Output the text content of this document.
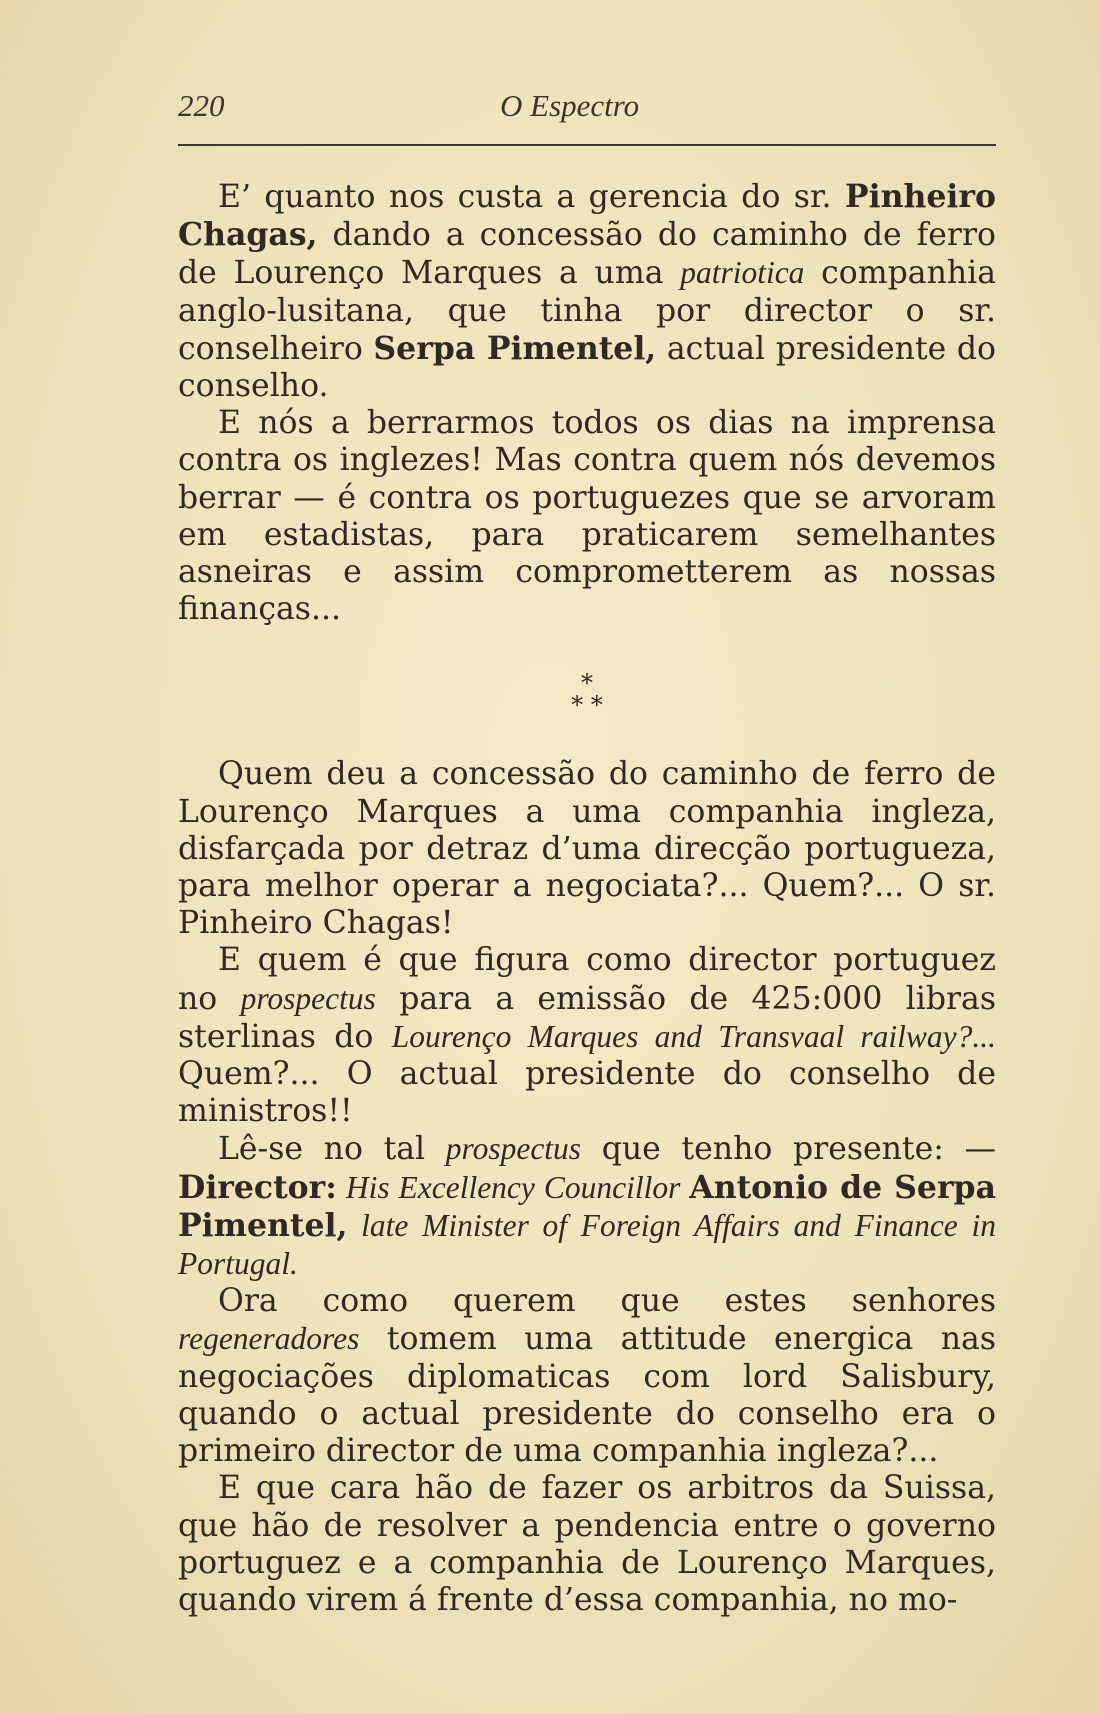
220	O Espectro

E’ quanto nos custa a gerencia do sr. Pinheiro Chagas, dando a concessão do caminho de ferro de Lourenço Marques a uma patriotica companhia anglo-lusitana, que tinha por director o sr. conselheiro Serpa Pimentel, actual presidente do conselho.

E nós a berrarmos todos os dias na imprensa contra os inglezes! Mas contra quem nós devemos berrar — é contra os portuguezes que se arvoram em estadistas, para praticarem semelhantes asneiras e assim comprometterem as nossas finanças...

*
* *

Quem deu a concessão do caminho de ferro de Lourenço Marques a uma companhia ingleza, disfarçada por detraz d’uma direcção portugueza, para melhor operar a negociata?... Quem?... O sr. Pinheiro Chagas!

E quem é que figura como director portuguez no prospectus para a emissão de 425:000 libras sterlinas do Lourenço Marques and Transvaal railway?... Quem?... O actual presidente do conselho de ministros!!

Lê-se no tal prospectus que tenho presente: — Director: His Excellency Councillor Antonio de Serpa Pimentel, late Minister of Foreign Affairs and Finance in Portugal.

Ora como querem que estes senhores regeneradores tomem uma attitude energica nas negociações diplomaticas com lord Salisbury, quando o actual presidente do conselho era o primeiro director de uma companhia ingleza?...

E que cara hão de fazer os arbitros da Suissa, que hão de resolver a pendencia entre o governo portuguez e a companhia de Lourenço Marques, quando virem á frente d’essa companhia, no mo-
